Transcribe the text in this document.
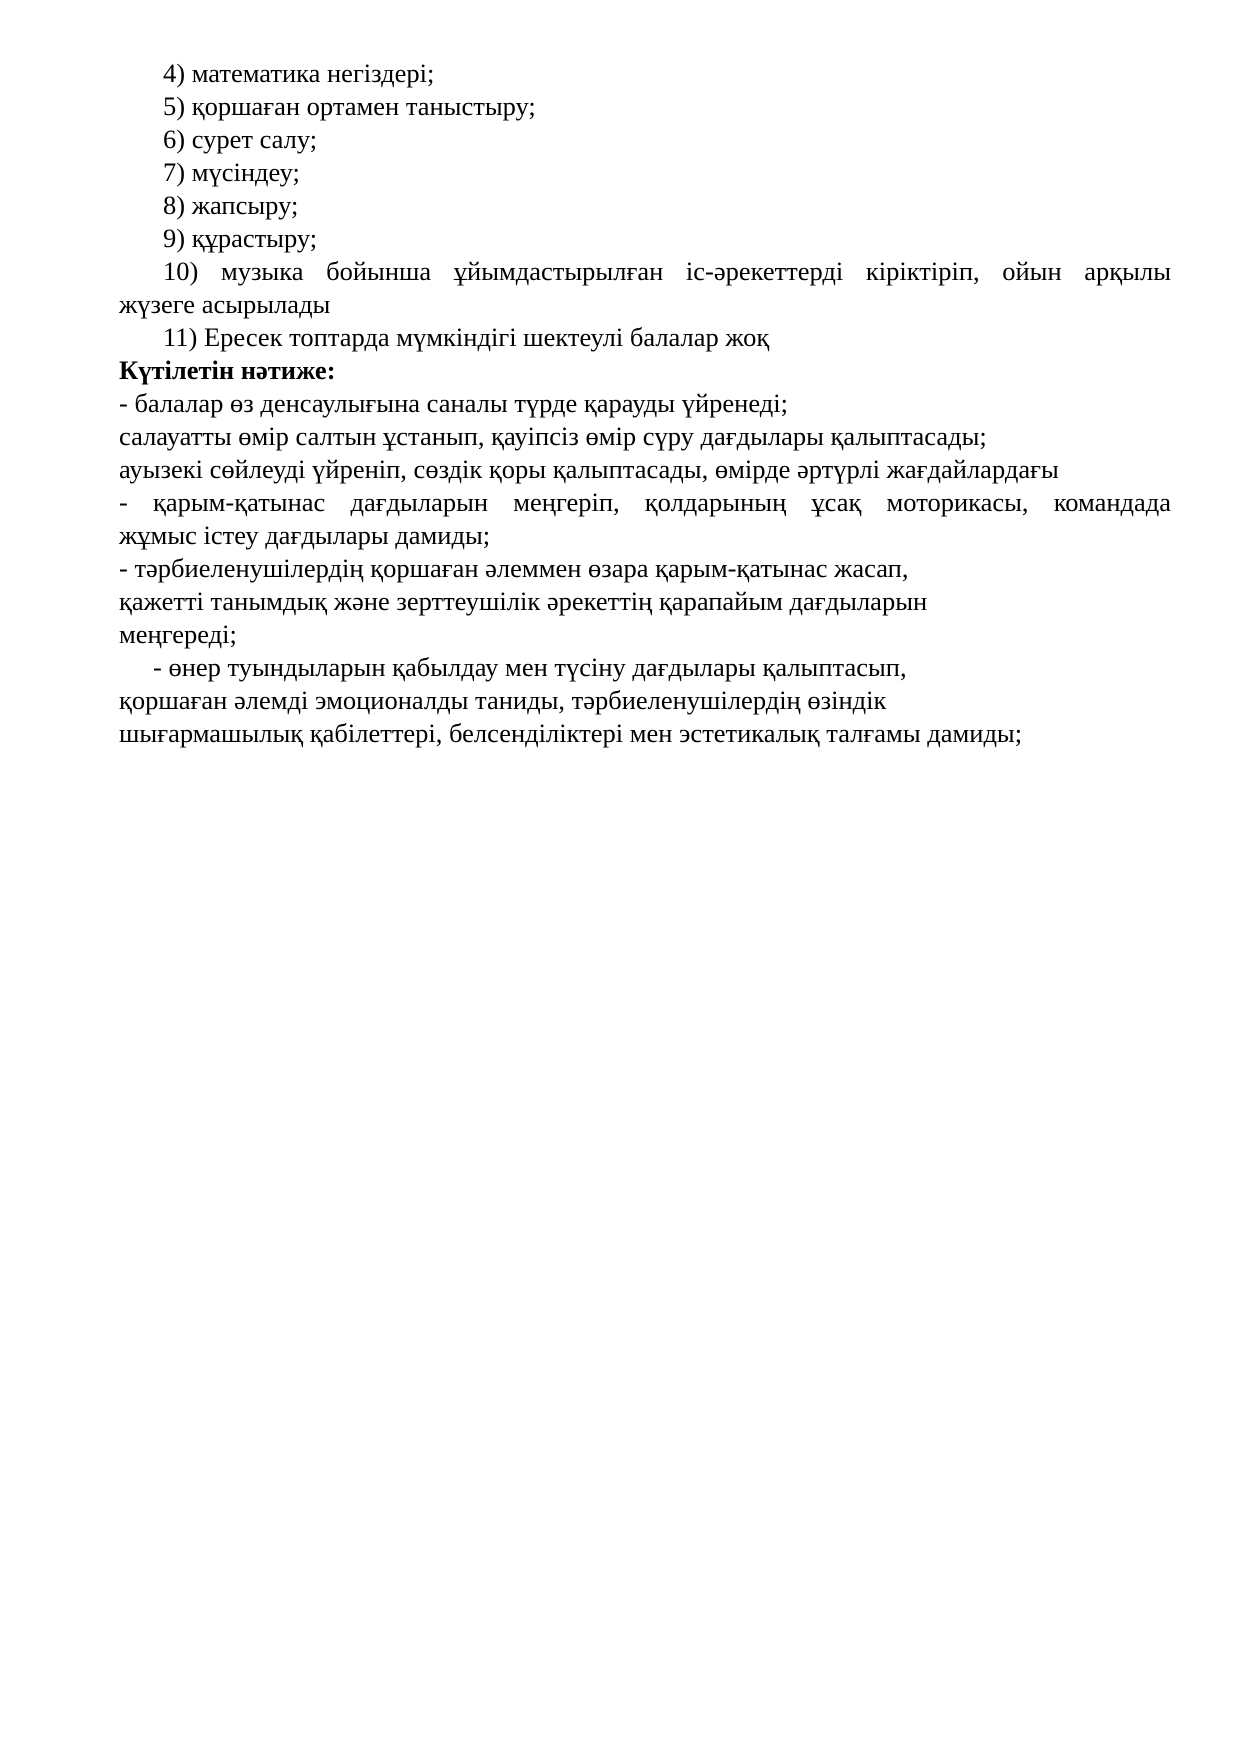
4) математика негіздері;
5) қоршаған ортамен таныстыру;
6) сурет салу;
7) мүсіндеу;
8) жапсыру;
9) құрастыру;
10) музыка бойынша ұйымдастырылған іс-әрекеттерді кіріктіріп, ойын арқылы
жүзеге асырылады
11) Ересек топтарда мүмкіндігі шектеулі балалар жоқ
Күтілетін нәтиже:
- балалар өз денсаулығына саналы түрде қарауды үйренеді;
салауатты өмір салтын ұстанып, қауіпсіз өмір сүру дағдылары қалыптасады;
ауызекі сөйлеуді үйреніп, сөздік қоры қалыптасады, өмірде әртүрлі жағдайлардағы
- қарым-қатынас дағдыларын меңгеріп, қолдарының ұсақ моторикасы, командада
жұмыс істеу дағдылары дамиды;
- тәрбиеленушілердің қоршаған әлеммен өзара қарым-қатынас жасап,
қажетті танымдық және зерттеушілік әрекеттің қарапайым дағдыларын
меңгереді;
- өнер туындыларын қабылдау мен түсіну дағдылары қалыптасып,
қоршаған әлемді эмоционалды таниды, тәрбиеленушілердің өзіндік
шығармашылық қабілеттері, белсенділіктері мен эстетикалық талғамы дамиды;
